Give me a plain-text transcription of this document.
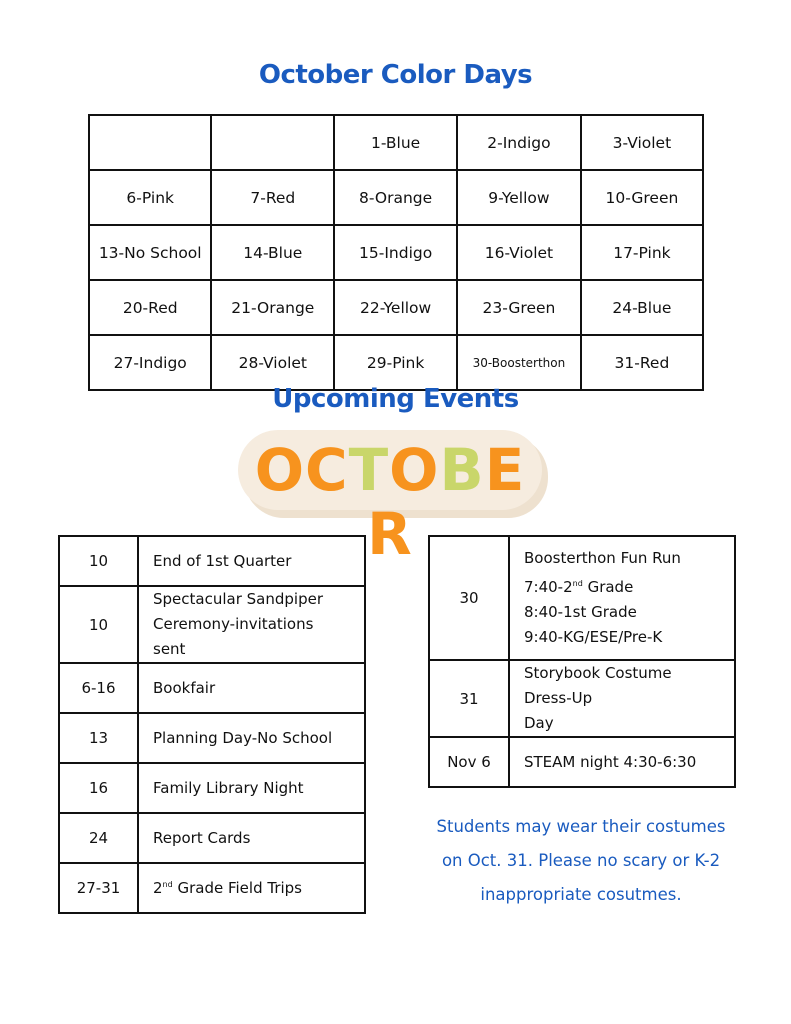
October Color Days
		1-Blue	2-Indigo	3-Violet
6-Pink	7-Red	8-Orange	9-Yellow	10-Green
13-No School	14-Blue	15-Indigo	16-Violet	17-Pink
20-Red	21-Orange	22-Yellow	23-Green	24-Blue
27-Indigo	28-Violet	29-Pink	30-Boosterthon	31-Red
Upcoming Events
OCTOBER
10	End of 1st Quarter
10	Spectacular Sandpiper
Ceremony-invitations sent

6-16	Bookfair
13	Planning Day-No School
16	Family Library Night
24	Report Cards
27-31	2nd Grade Field Trips
30	Boosterthon Fun Run
7:40-2nd Grade
8:40-1st Grade
9:40-KG/ESE/Pre-K

31	Storybook Costume Dress-Up
Day

Nov 6	STEAM night 4:30-6:30
Students may wear their costumes
on Oct. 31. Please no scary or K-2
inappropriate cosutmes.
